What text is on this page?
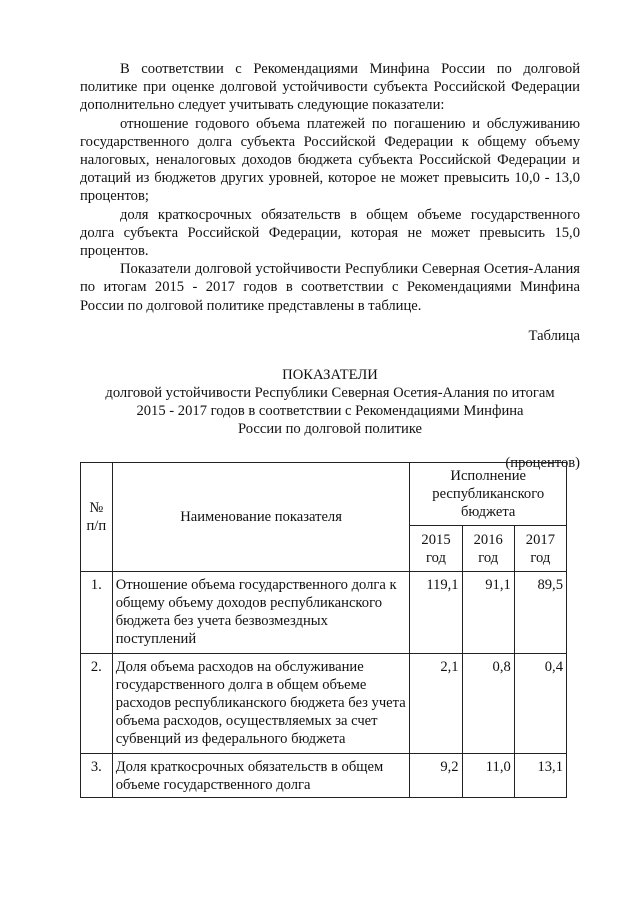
В соответствии с Рекомендациями Минфина России по долговой политике при оценке долговой устойчивости субъекта Российской Федерации дополнительно следует учитывать следующие показатели:

отношение годового объема платежей по погашению и обслуживанию государственного долга субъекта Российской Федерации к общему объему налоговых, неналоговых доходов бюджета субъекта Российской Федерации и дотаций из бюджетов других уровней, которое не может превысить 10,0 - 13,0 процентов;

доля краткосрочных обязательств в общем объеме государственного долга субъекта Российской Федерации, которая не может превысить 15,0 процентов.

Показатели долговой устойчивости Республики Северная Осетия-Алания по итогам 2015 - 2017 годов в соответствии с Рекомендациями Минфина России по долговой политике представлены в таблице.

Таблица

ПОКАЗАТЕЛИ

долговой устойчивости Республики Северная Осетия-Алания по итогам

2015 - 2017 годов в соответствии с Рекомендациями Минфина

России по долговой политике

(процентов)

№ п/п	Наименование показателя	Исполнение республиканского бюджета		
		2015 год	2016 год	2017 год
1.	Отношение объема государственного долга к общему объему доходов республиканского бюджета без учета безвозмездных поступлений	119,1	91,1	89,5
2.	Доля объема расходов на обслуживание государственного долга в общем объеме расходов республиканского бюджета без учета объема расходов, осуществляемых за счет субвенций из федерального бюджета	2,1	0,8	0,4
3.	Доля краткосрочных обязательств в общем объеме государственного долга	9,2	11,0	13,1
